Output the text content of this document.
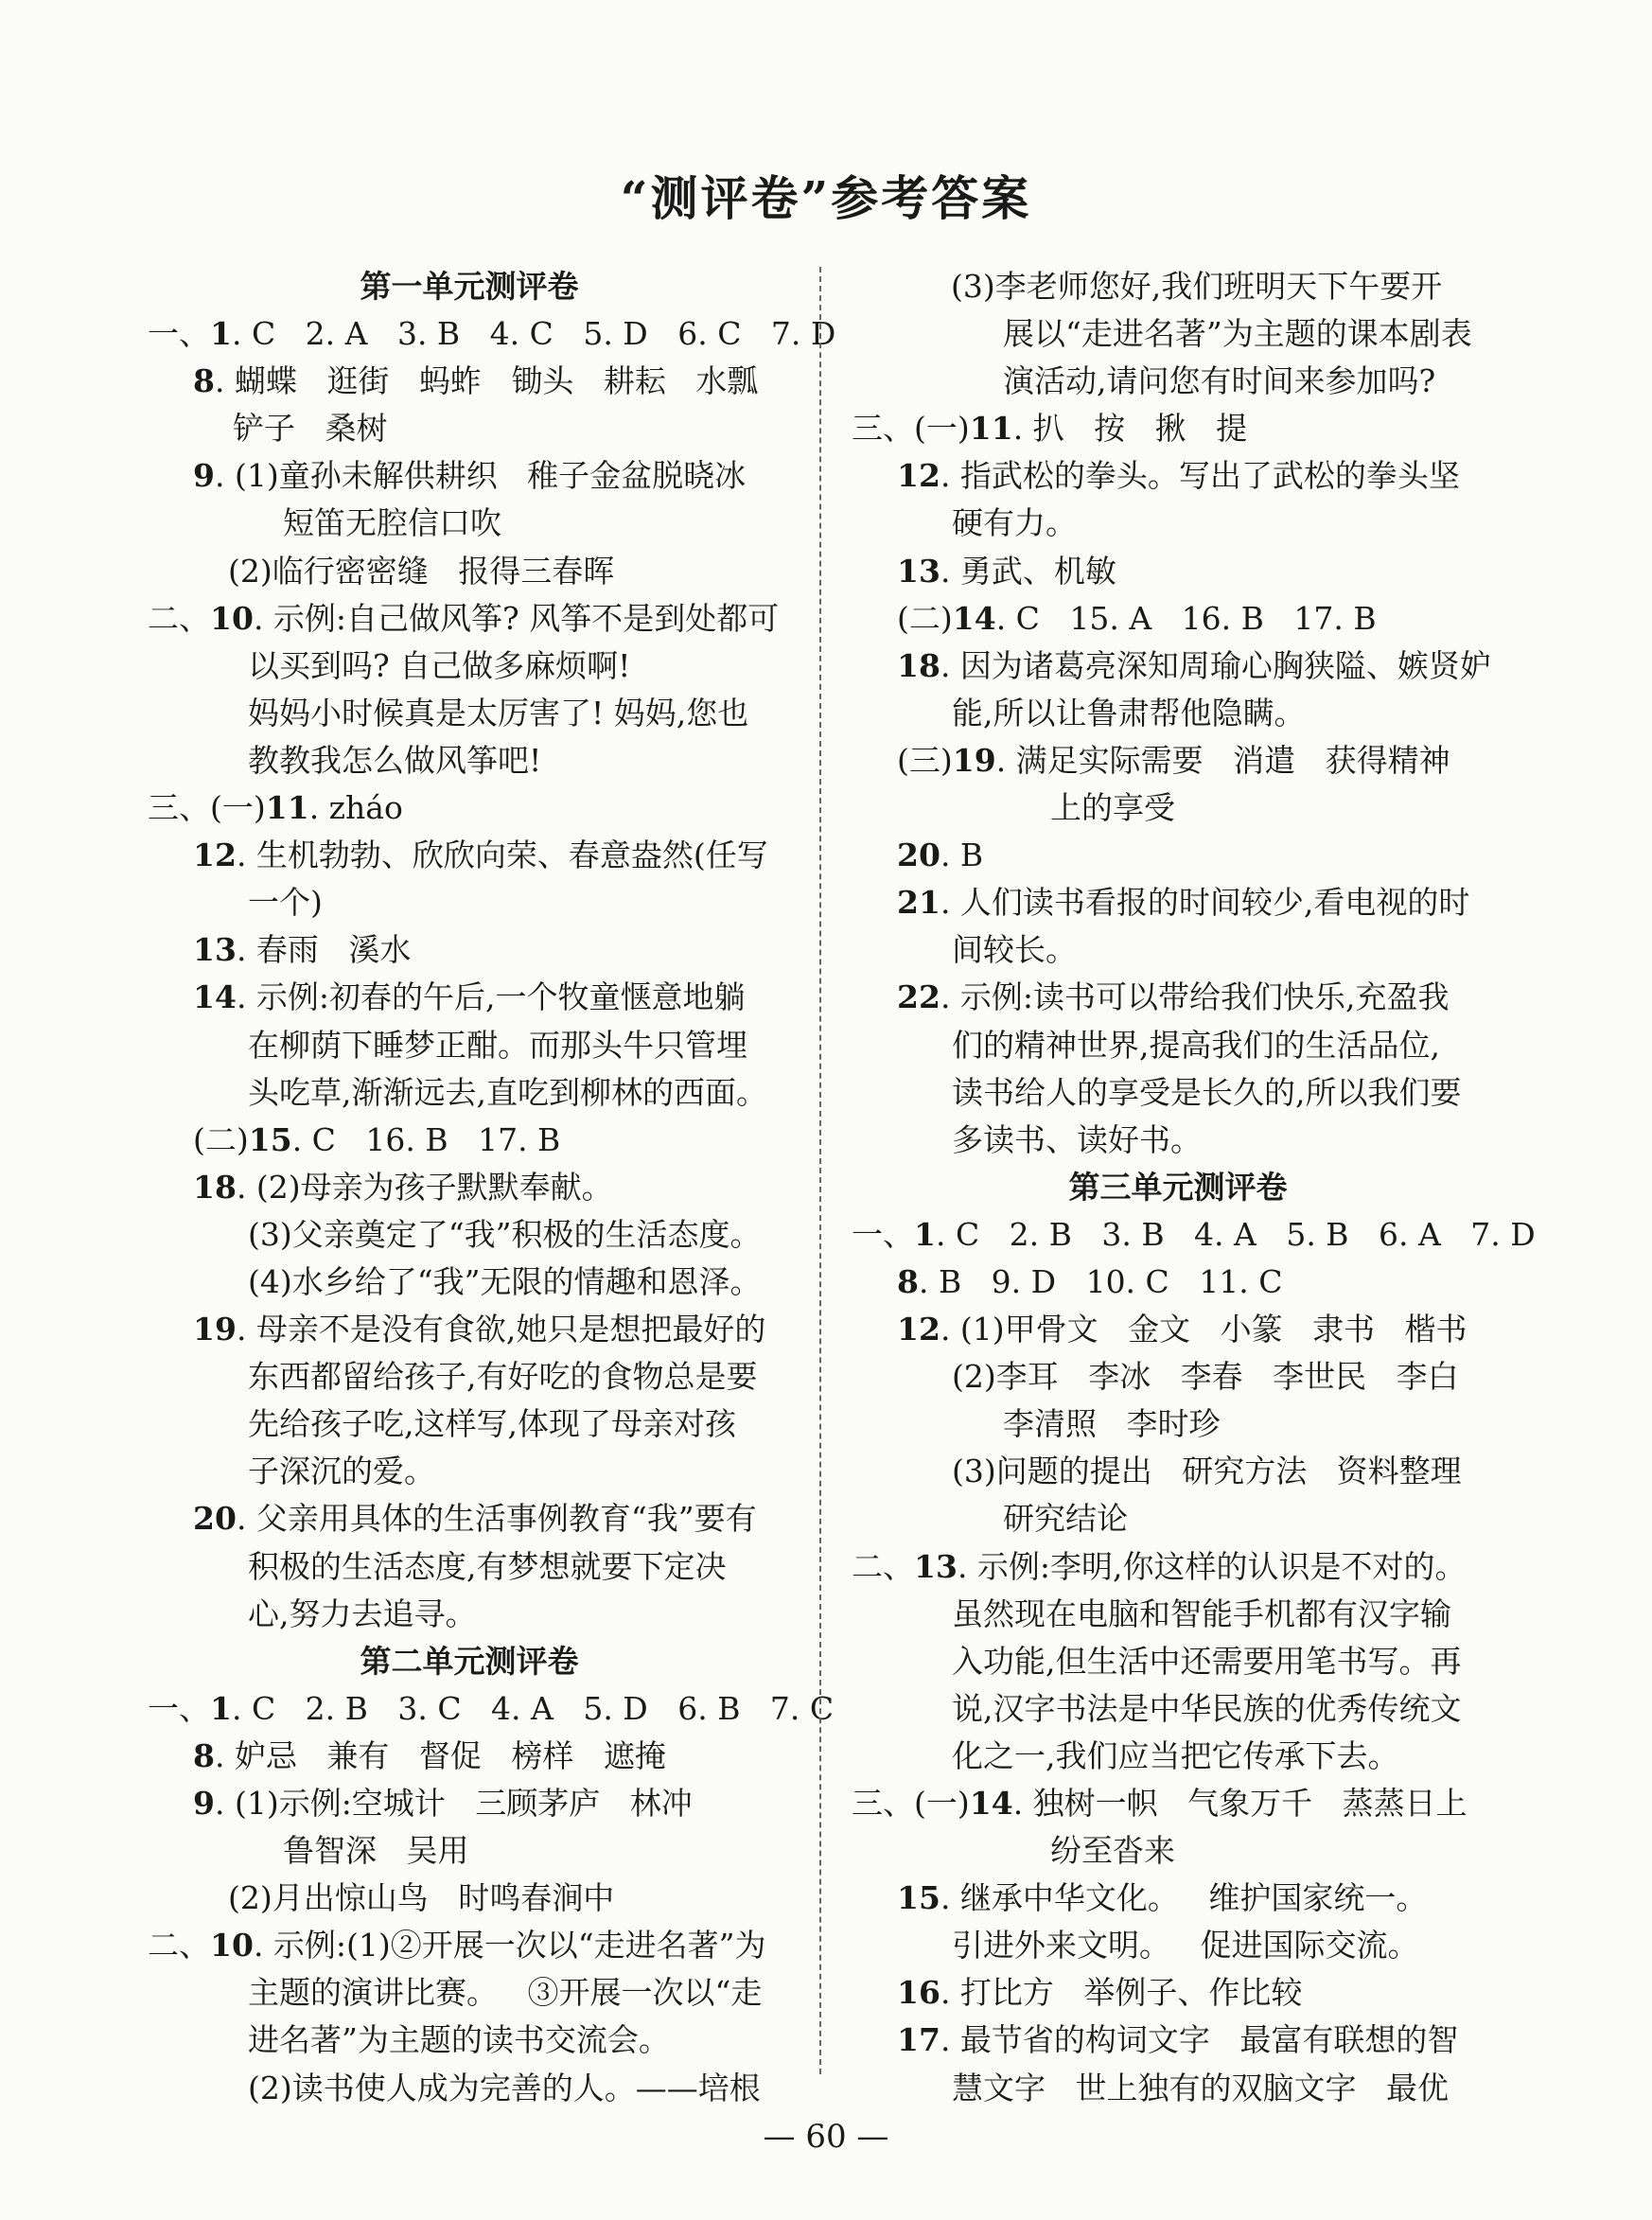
“测评卷”参考答案
第一单元测评卷
一、1. C   2. A   3. B   4. C   5. D   6. C   7. D
8. 蝴蝶   逛街   蚂蚱   锄头   耕耘   水瓢
铲子   桑树
9. (1)童孙未解供耕织   稚子金盆脱晓冰
短笛无腔信口吹
(2)临行密密缝   报得三春晖
二、10. 示例:自己做风筝? 风筝不是到处都可
以买到吗? 自己做多麻烦啊!
妈妈小时候真是太厉害了! 妈妈,您也
教教我怎么做风筝吧!
三、(一)11. zháo
12. 生机勃勃、欣欣向荣、春意盎然(任写
一个)
13. 春雨   溪水
14. 示例:初春的午后,一个牧童惬意地躺
在柳荫下睡梦正酣。而那头牛只管埋
头吃草,渐渐远去,直吃到柳林的西面。
(二)15. C   16. B   17. B
18. (2)母亲为孩子默默奉献。
(3)父亲奠定了“我”积极的生活态度。
(4)水乡给了“我”无限的情趣和恩泽。
19. 母亲不是没有食欲,她只是想把最好的
东西都留给孩子,有好吃的食物总是要
先给孩子吃,这样写,体现了母亲对孩
子深沉的爱。
20. 父亲用具体的生活事例教育“我”要有
积极的生活态度,有梦想就要下定决
心,努力去追寻。
第二单元测评卷
一、1. C   2. B   3. C   4. A   5. D   6. B   7. C
8. 妒忌   兼有   督促   榜样   遮掩
9. (1)示例:空城计   三顾茅庐   林冲
鲁智深   吴用
(2)月出惊山鸟   时鸣春涧中
二、10. 示例:(1)②开展一次以“走进名著”为
主题的演讲比赛。   ③开展一次以“走
进名著”为主题的读书交流会。
(2)读书使人成为完善的人。——培根
(3)李老师您好,我们班明天下午要开
展以“走进名著”为主题的课本剧表
演活动,请问您有时间来参加吗?
三、(一)11. 扒   按   揪   提
12. 指武松的拳头。写出了武松的拳头坚
硬有力。
13. 勇武、机敏
(二)14. C   15. A   16. B   17. B
18. 因为诸葛亮深知周瑜心胸狭隘、嫉贤妒
能,所以让鲁肃帮他隐瞒。
(三)19. 满足实际需要   消遣   获得精神
上的享受
20. B
21. 人们读书看报的时间较少,看电视的时
间较长。
22. 示例:读书可以带给我们快乐,充盈我
们的精神世界,提高我们的生活品位,
读书给人的享受是长久的,所以我们要
多读书、读好书。
第三单元测评卷
一、1. C   2. B   3. B   4. A   5. B   6. A   7. D
8. B   9. D   10. C   11. C
12. (1)甲骨文   金文   小篆   隶书   楷书
(2)李耳   李冰   李春   李世民   李白
李清照   李时珍
(3)问题的提出   研究方法   资料整理
研究结论
二、13. 示例:李明,你这样的认识是不对的。
虽然现在电脑和智能手机都有汉字输
入功能,但生活中还需要用笔书写。再
说,汉字书法是中华民族的优秀传统文
化之一,我们应当把它传承下去。
三、(一)14. 独树一帜   气象万千   蒸蒸日上
纷至沓来
15. 继承中华文化。   维护国家统一。
引进外来文明。   促进国际交流。
16. 打比方   举例子、作比较
17. 最节省的构词文字   最富有联想的智
慧文字   世上独有的双脑文字   最优
— 60 —
